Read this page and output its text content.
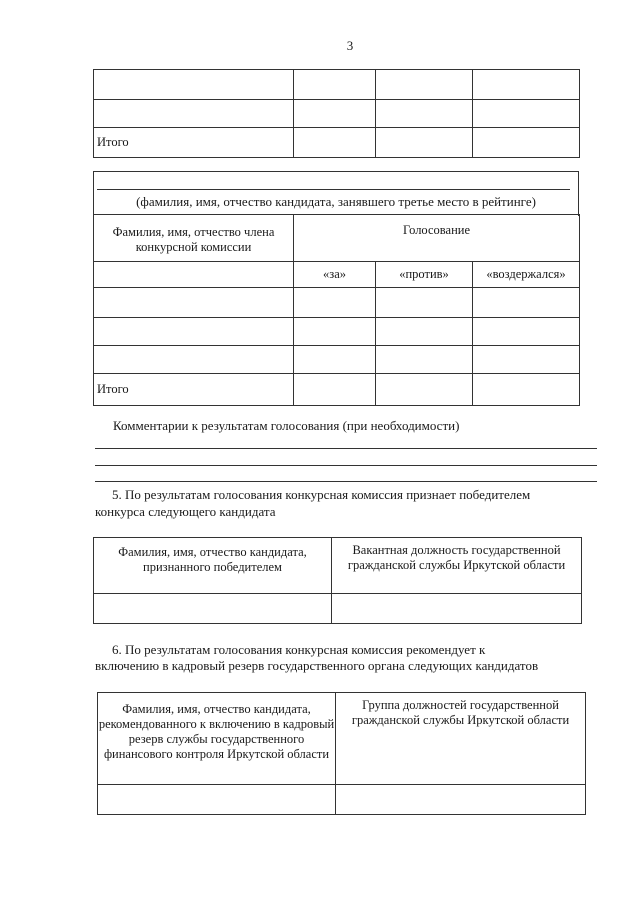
3

Итого			
(фамилия, имя, отчество кандидата, занявшего третье место в рейтинге)
Фамилия, имя, отчество члена конкурсной комиссии	Голосование		
	«за»	«против»	«воздержался»

Итого			

Комментарии к результатам голосования (при необходимости)

5. По результатам голосования конкурсная комиссия признает победителем

конкурса следующего кандидата

Фамилия, имя, отчество кандидата, признанного победителем	Вакантная должность государственной гражданской службы Иркутской области

6. По результатам голосования конкурсная комиссия рекомендует к

включению в кадровый резерв государственного органа следующих кандидатов

Фамилия, имя, отчество кандидата, рекомендованного к включению в кадровый резерв службы государственного финансового контроля Иркутской области	Группа должностей государственной гражданской службы Иркутской области
